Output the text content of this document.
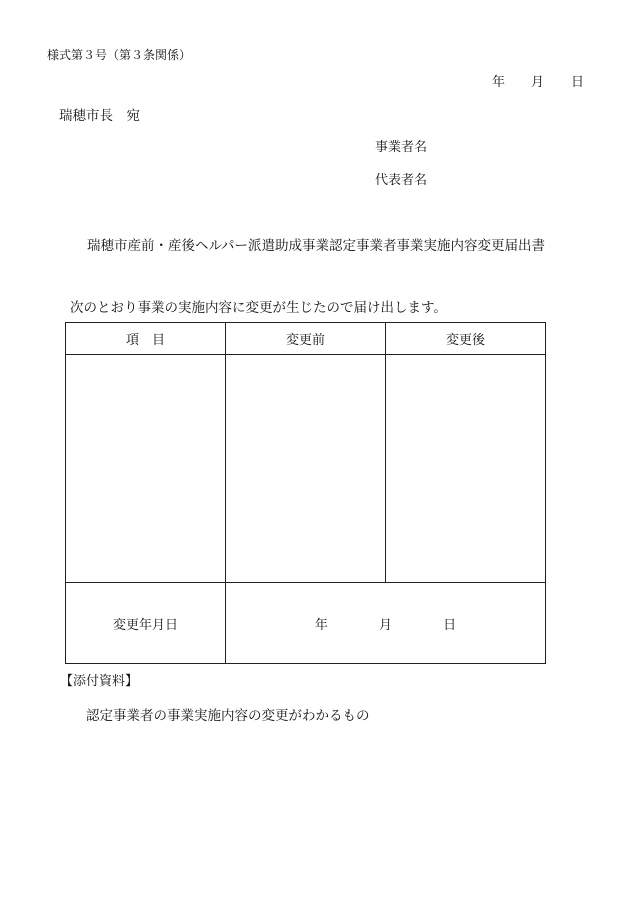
様式第３号（第３条関係）
年 月 日
瑞穂市長　宛
事業者名
代表者名
瑞穂市産前・産後ヘルパー派遣助成事業認定事業者事業実施内容変更届出書
次のとおり事業の実施内容に変更が生じたので届け出します。
項　目	変更前	変更後

変更年月日	年 月 日	
【添付資料】
認定事業者の事業実施内容の変更がわかるもの
